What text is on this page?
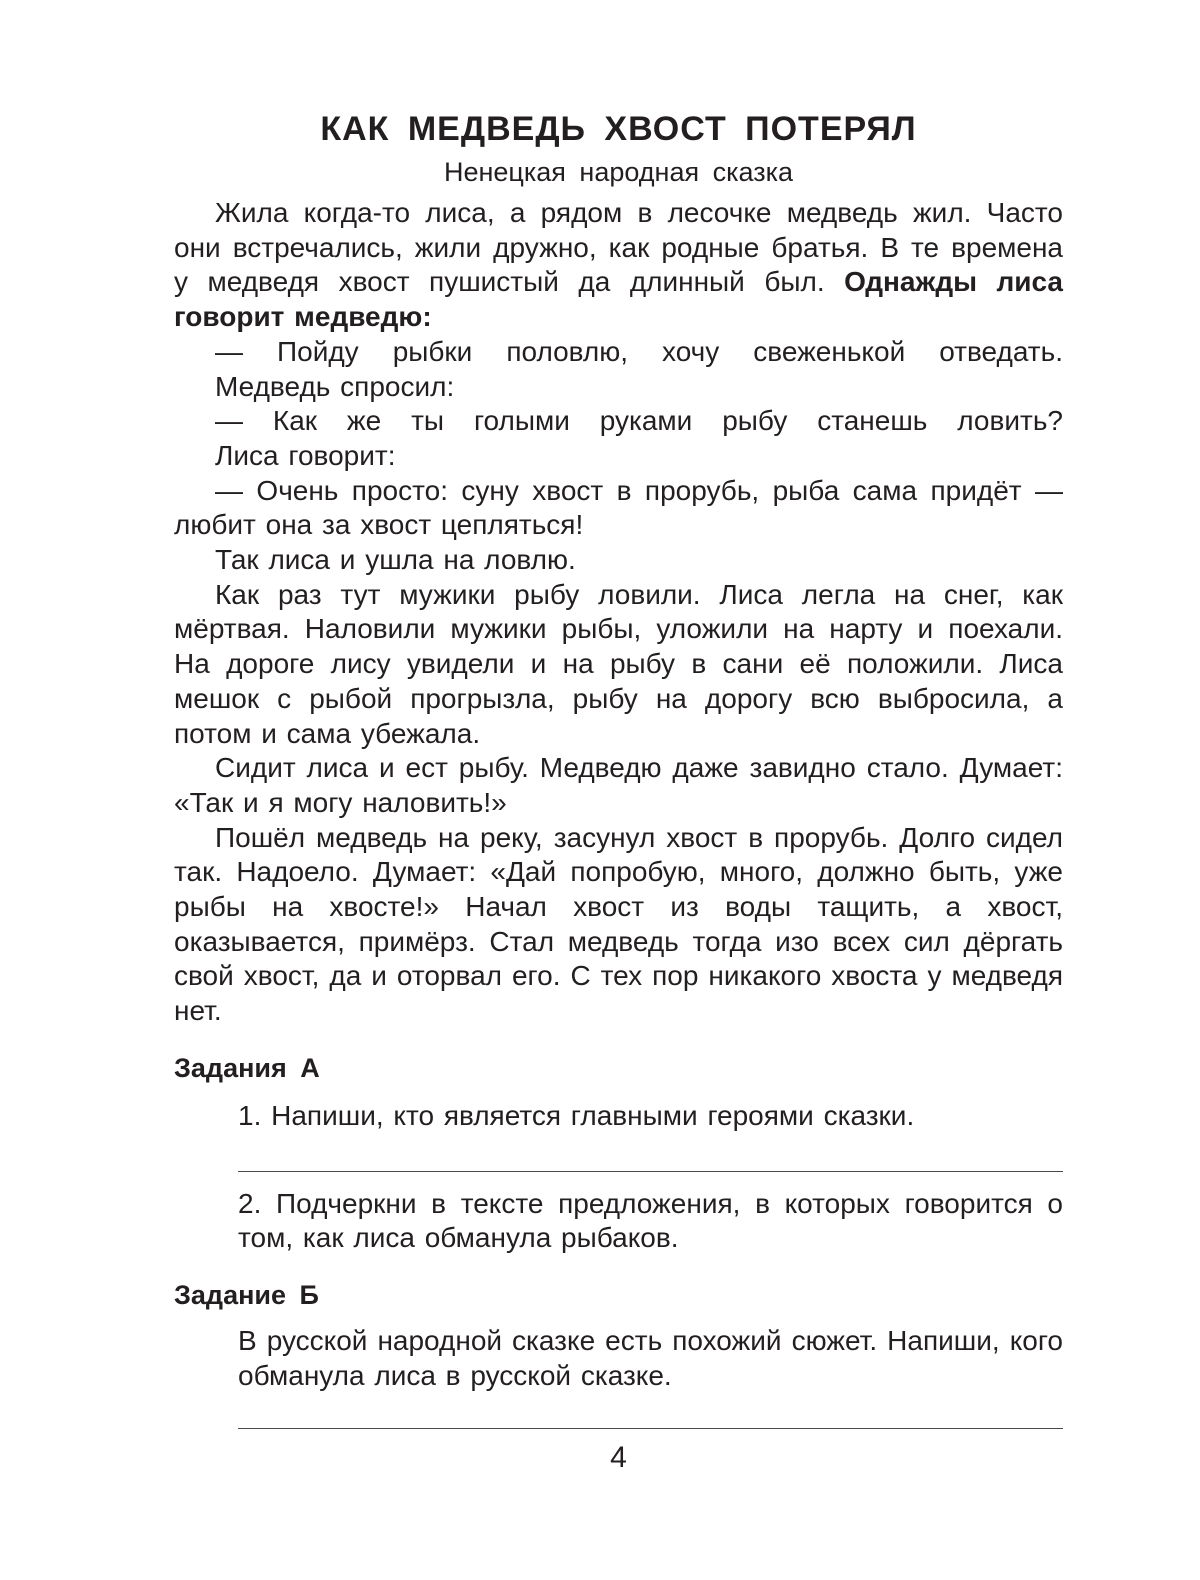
КАК МЕДВЕДЬ ХВОСТ ПОТЕРЯЛ
Ненецкая народная сказка

Жила когда-то лиса, а рядом в лесочке медведь жил. Часто они встречались, жили дружно, как родные братья. В те времена у медведя хвост пушистый да длинный был. Однажды лиса говорит медведю:

— Пойду рыбки половлю, хочу свеженькой отведать.

Медведь спросил:

— Как же ты голыми руками рыбу станешь ловить?

Лиса говорит:

— Очень просто: суну хвост в прорубь, рыба сама придёт — любит она за хвост цепляться!

Так лиса и ушла на ловлю.

Как раз тут мужики рыбу ловили. Лиса легла на снег, как мёртвая. Наловили мужики рыбы, уложили на нарту и поехали. На дороге лису увидели и на рыбу в сани её положили. Лиса мешок с рыбой прогрызла, рыбу на дорогу всю выбросила, а потом и сама убежала.

Сидит лиса и ест рыбу. Медведю даже завидно стало. Думает: «Так и я могу наловить!»

Пошёл медведь на реку, засунул хвост в прорубь. Долго сидел так. Надоело. Думает: «Дай попробую, много, должно быть, уже рыбы на хвосте!» Начал хвост из воды тащить, а хвост, оказывается, примёрз. Стал медведь тогда изо всех сил дёргать свой хвост, да и оторвал его. С тех пор никакого хвоста у медведя нет.

Задания А

1. Напиши, кто является главными героями сказки.

2. Подчеркни в тексте предложения, в которых говорится о том, как лиса обманула рыбаков.

Задание Б

В русской народной сказке есть похожий сюжет. Напиши, кого обманула лиса в русской сказке.

4
